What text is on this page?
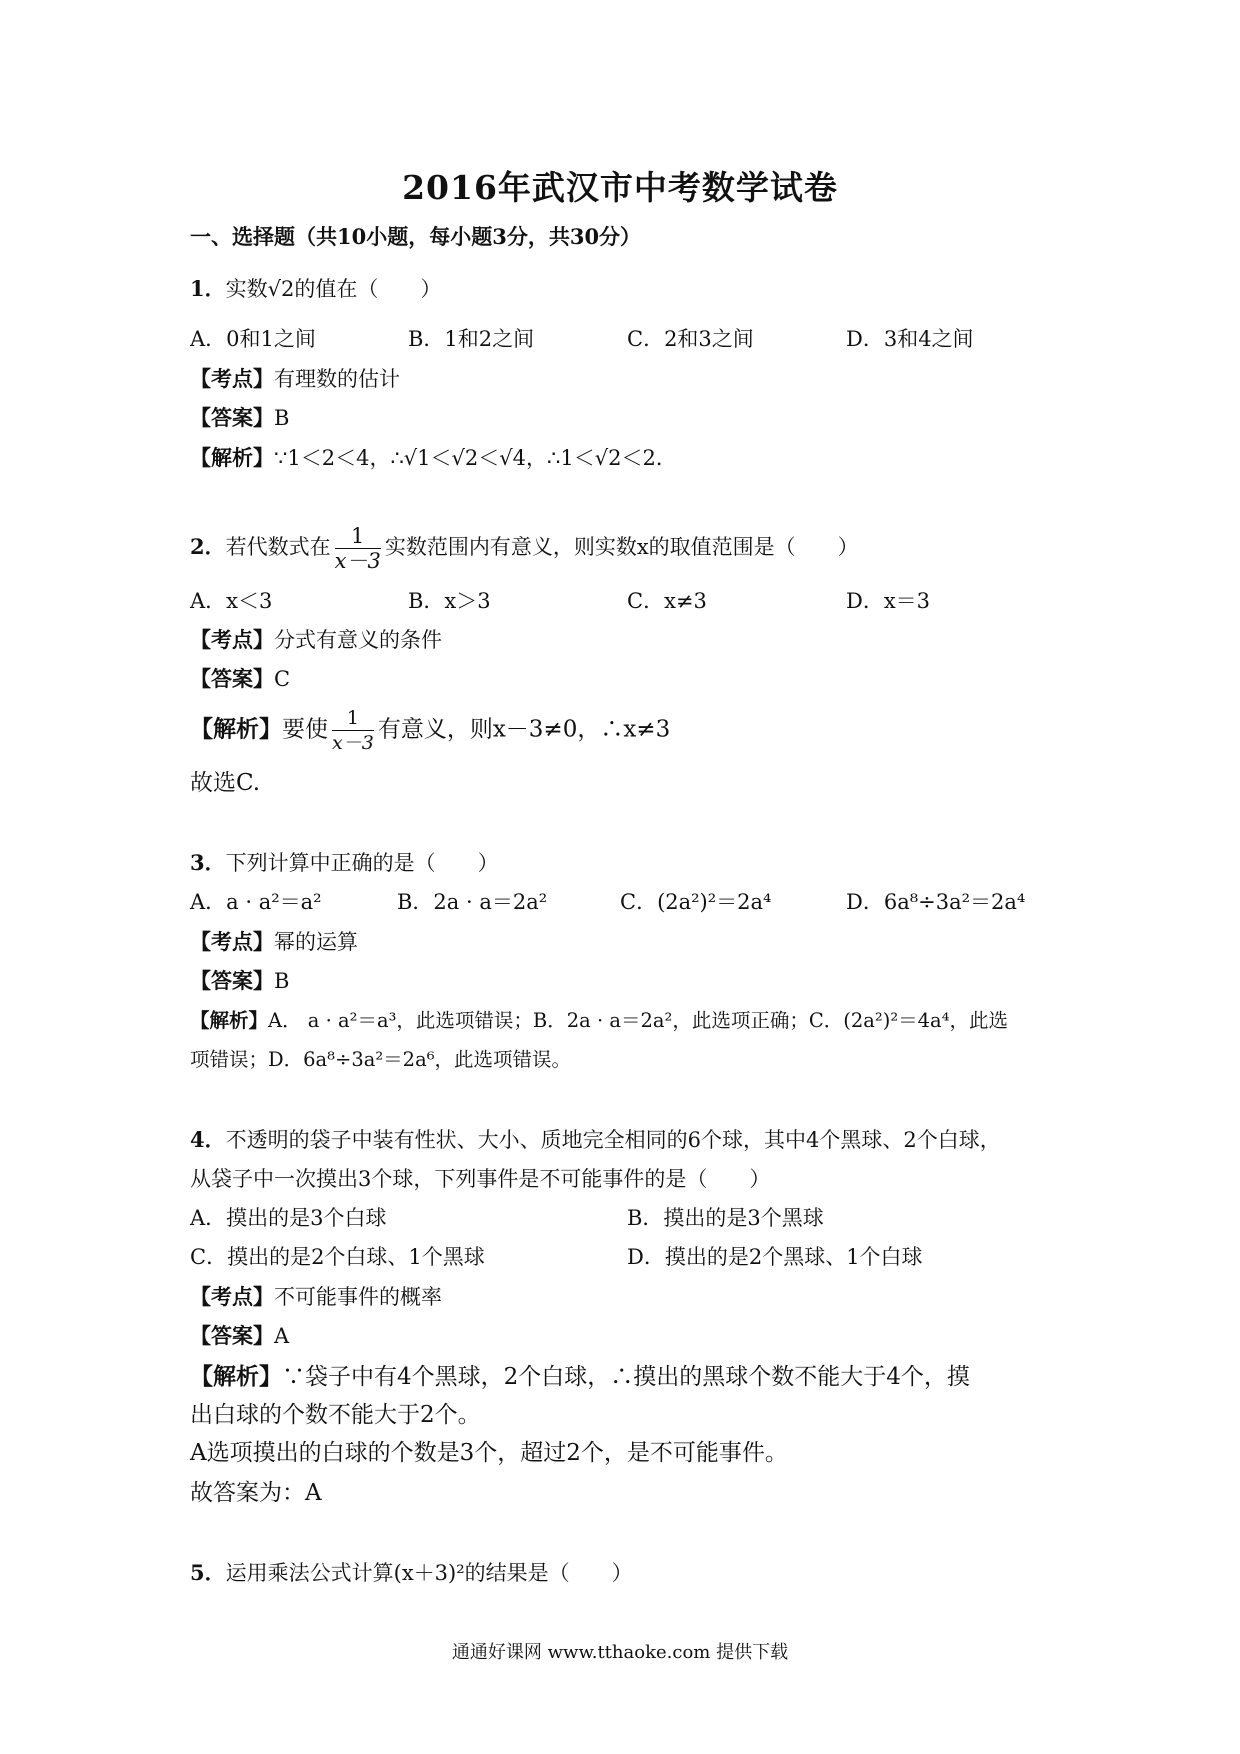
2016年武汉市中考数学试卷
一、选择题（共10小题，每小题3分，共30分）
1．实数√2的值在（　　）
A．0和1之间	B．1和2之间	C．2和3之间	D．3和4之间
【考点】有理数的估计
【答案】B
【解析】∵1＜2＜4，∴√1＜√2＜√4，∴1＜√2＜2．
2．若代数式在 $\frac{1}{x-3}$ 实数范围内有意义，则实数x的取值范围是（　　）
A．x＜3	B．x＞3	C．x≠3	D．x＝3
【考点】分式有意义的条件
【答案】C
【解析】要使 $\frac{1}{x-3}$ 有意义，则x－3≠0，∴x≠3
故选C.
3．下列计算中正确的是（　　）
A．a · a²＝a²	B．2a · a＝2a²	C．(2a²)²＝2a⁴	D．6a⁸÷3a²＝2a⁴
【考点】幂的运算
【答案】B
【解析】A． a · a²＝a³，此选项错误；B．2a · a＝2a²，此选项正确；C．(2a²)²＝4a⁴，此选
项错误；D．6a⁸÷3a²＝2a⁶，此选项错误。
4．不透明的袋子中装有性状、大小、质地完全相同的6个球，其中4个黑球、2个白球，
从袋子中一次摸出3个球，下列事件是不可能事件的是（　　）
A．摸出的是3个白球	B．摸出的是3个黑球
C．摸出的是2个白球、1个黑球	D．摸出的是2个黑球、1个白球
【考点】不可能事件的概率
【答案】A
【解析】∵袋子中有4个黑球，2个白球，∴摸出的黑球个数不能大于4个，摸
出白球的个数不能大于2个。
A选项摸出的白球的个数是3个，超过2个，是不可能事件。
故答案为：A
5．运用乘法公式计算(x＋3)²的结果是（　　）
通通好课网 www.tthaoke.com 提供下载
